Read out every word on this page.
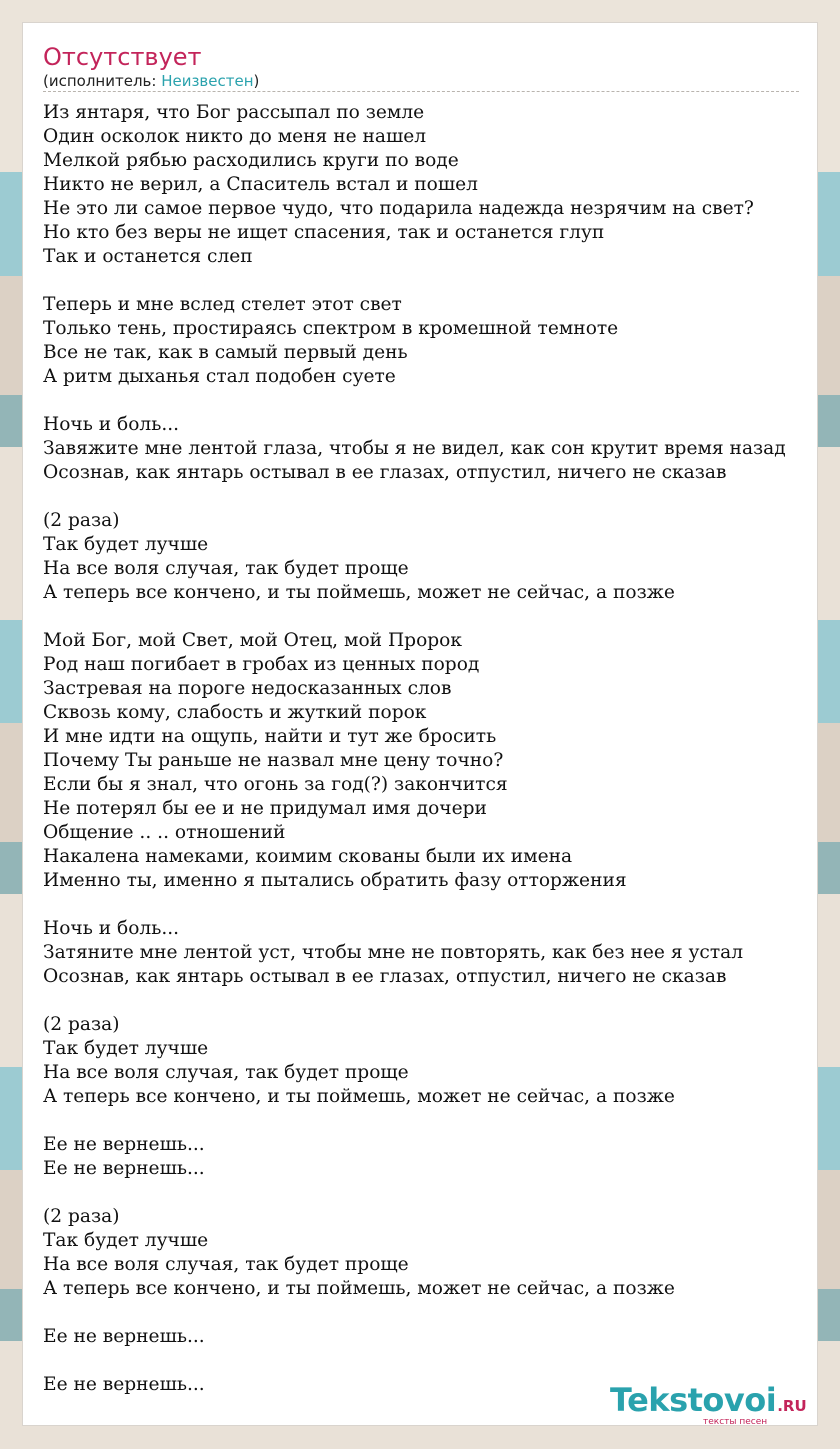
Отсутствует
(исполнитель: Неизвестен)
Из янтаря, что Бог рассыпал по земле
Один осколок никто до меня не нашел
Мелкой рябью расходились круги по воде
Никто не верил, а Спаситель встал и пошел
Не это ли самое первое чудо, что подарила надежда незрячим на свет?
Но кто без веры не ищет спасения, так и останется глуп
Так и останется слеп

Теперь и мне вслед стелет этот свет
Только тень, простираясь спектром в кромешной темноте
Все не так, как в самый первый день
А ритм дыханья стал подобен суете

Ночь и боль...
Завяжите мне лентой глаза, чтобы я не видел, как сон крутит время назад
Осознав, как янтарь остывал в ее глазах, отпустил, ничего не сказав

(2 раза)
Так будет лучше
На все воля случая, так будет проще
А теперь все кончено, и ты поймешь, может не сейчас, а позже

Мой Бог, мой Свет, мой Отец, мой Пророк
Род наш погибает в гробах из ценных пород
Застревая на пороге недосказанных слов
Сквозь кому, слабость и жуткий порок
И мне идти на ощупь, найти и тут же бросить
Почему Ты раньше не назвал мне цену точно?
Если бы я знал, что огонь за год(?) закончится
Не потерял бы ее и не придумал имя дочери
Общение .. .. отношений
Накалена намеками, коимим скованы были их имена
Именно ты, именно я пытались обратить фазу отторжения

Ночь и боль...
Затяните мне лентой уст, чтобы мне не повторять, как без нее я устал
Осознав, как янтарь остывал в ее глазах, отпустил, ничего не сказав

(2 раза)
Так будет лучше
На все воля случая, так будет проще
А теперь все кончено, и ты поймешь, может не сейчас, а позже

Ее не вернешь...
Ее не вернешь...

(2 раза)
Так будет лучше
На все воля случая, так будет проще
А теперь все кончено, и ты поймешь, может не сейчас, а позже

Ее не вернешь...

Ее не вернешь...	Tekstovoi.RU
тексты песен
